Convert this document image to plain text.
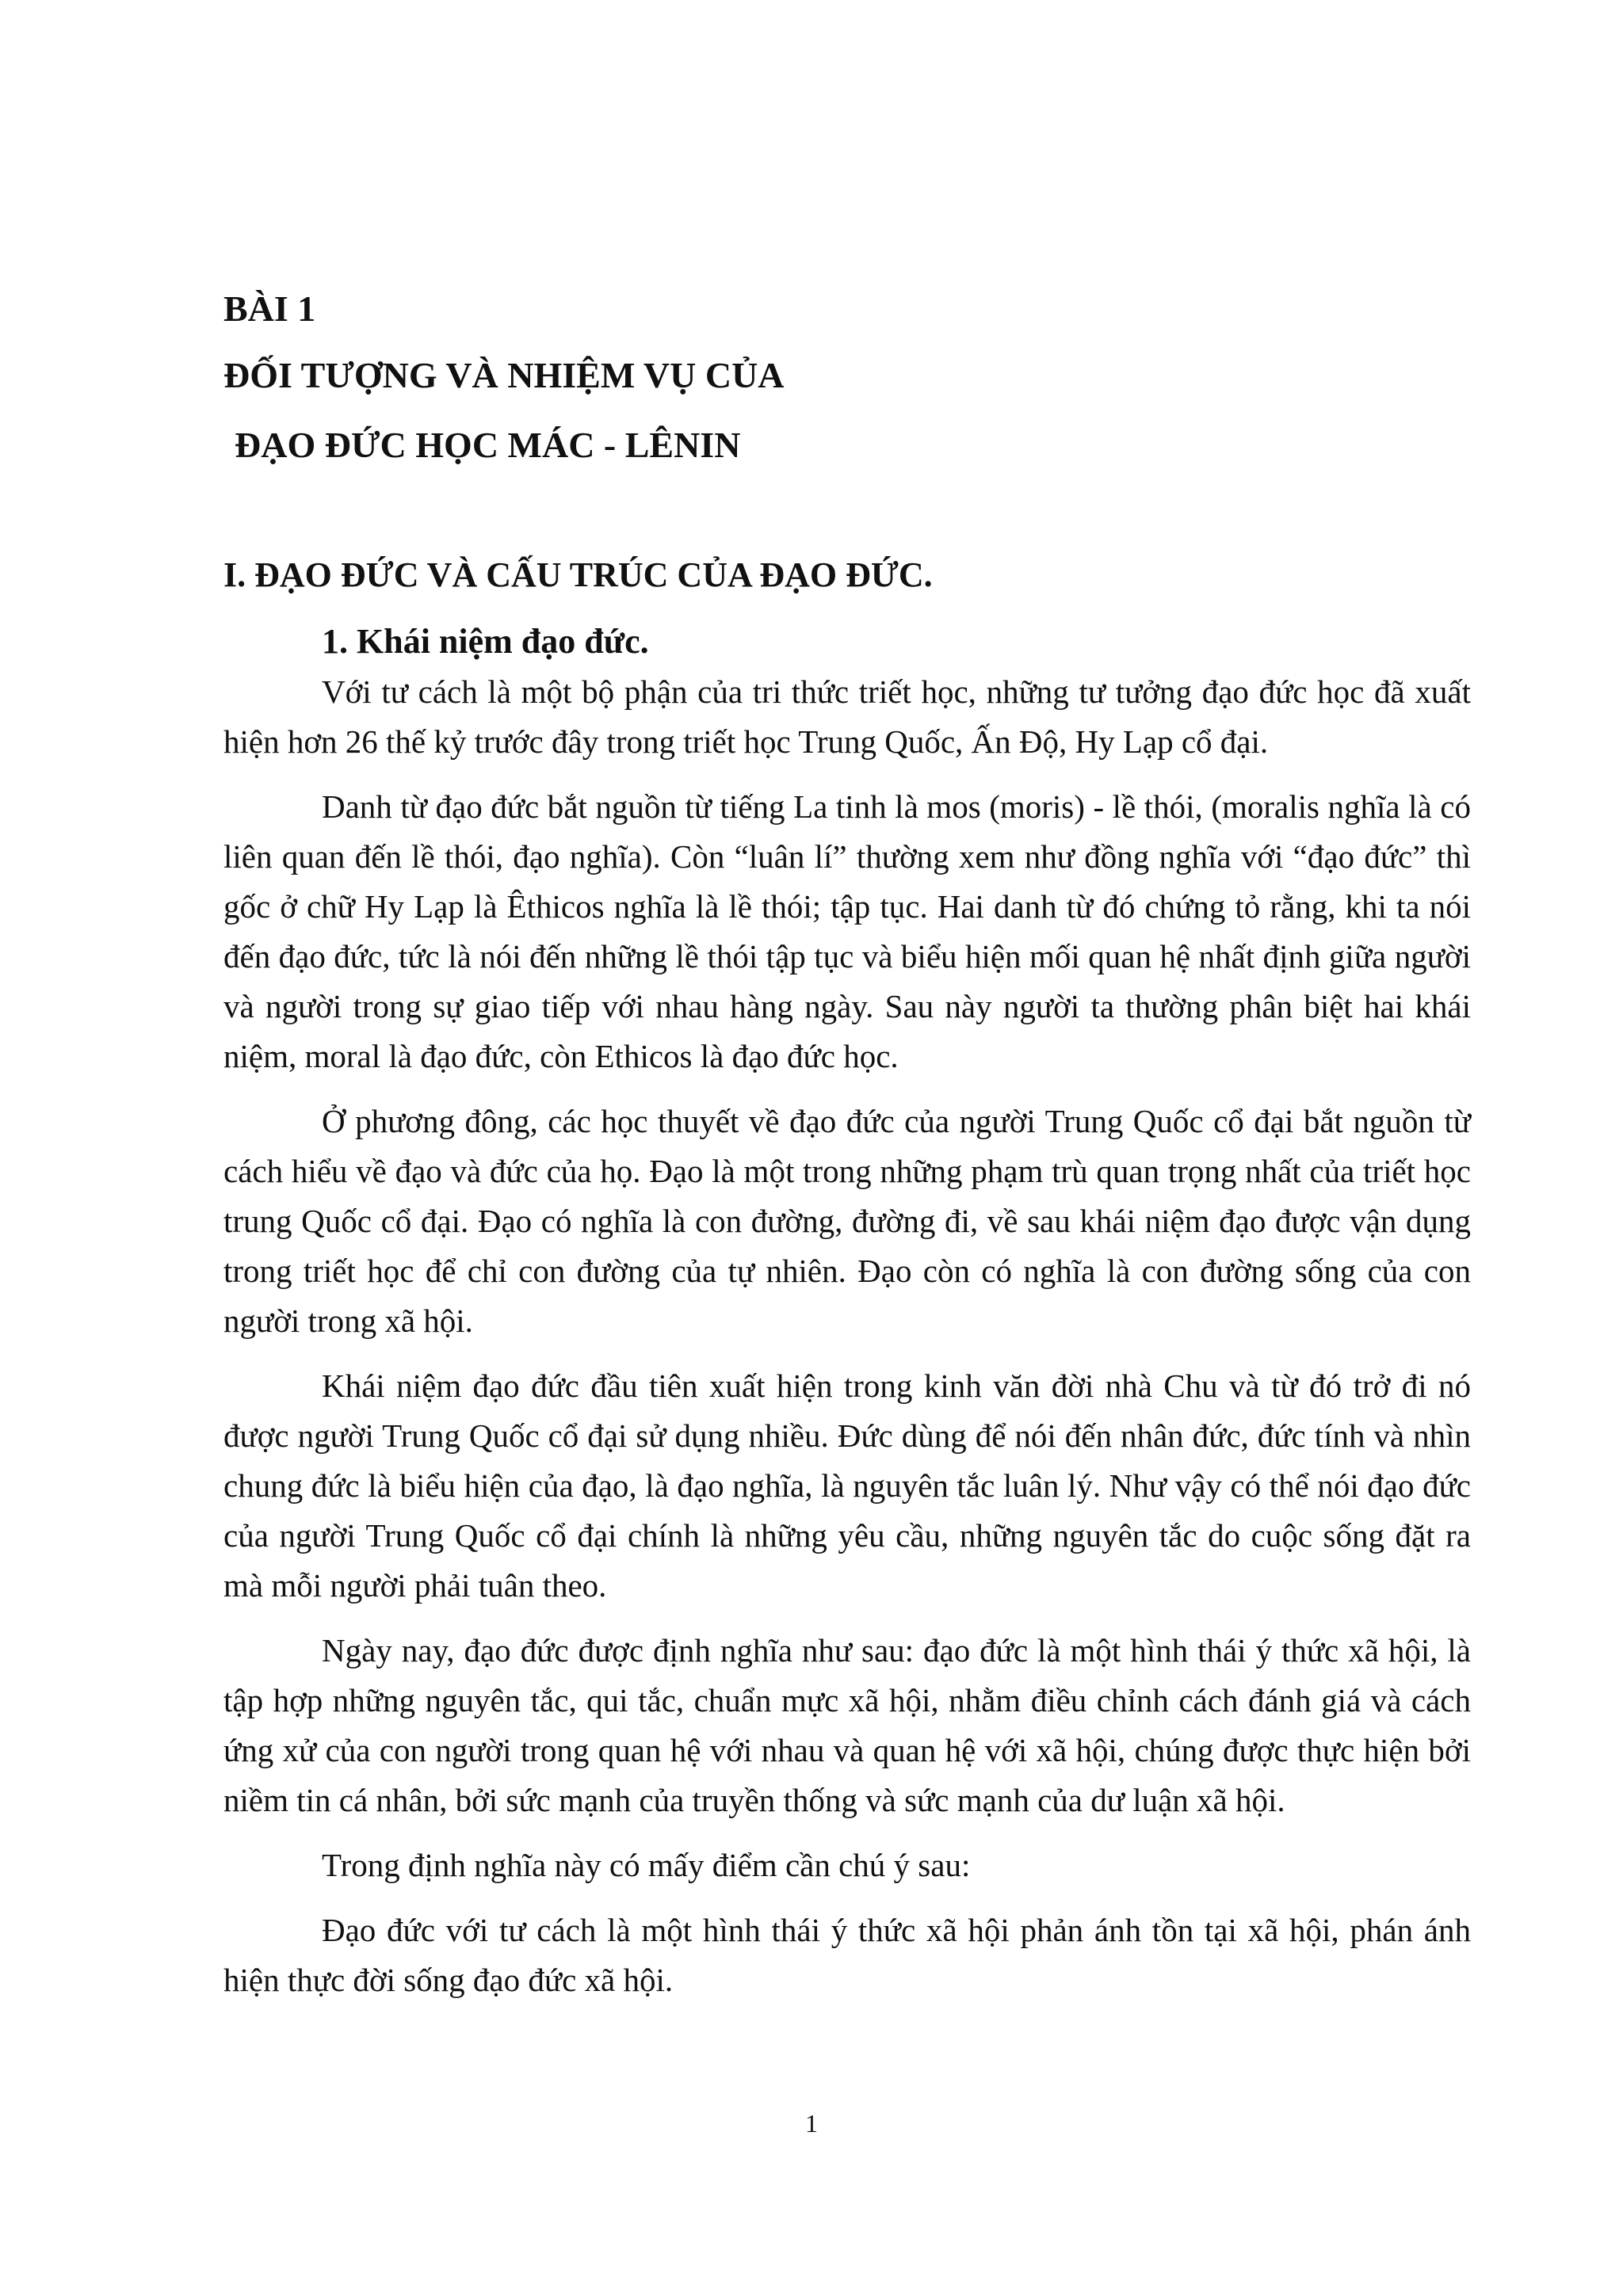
BÀI 1
ĐỐI TƯỢNG VÀ NHIỆM VỤ CỦA
ĐẠO ĐỨC HỌC MÁC - LÊNIN
I. ĐẠO ĐỨC VÀ CẤU TRÚC CỦA ĐẠO ĐỨC.
1. Khái niệm đạo đức.

Với tư cách là một bộ phận của tri thức triết học, những tư tưởng đạo đức học đã xuất hiện hơn 26 thế kỷ trước đây trong triết học Trung Quốc, Ấn Độ, Hy Lạp cổ đại.

Danh từ đạo đức bắt nguồn từ tiếng La tinh là mos (moris) - lề thói, (moralis nghĩa là có liên quan đến lề thói, đạo nghĩa). Còn “luân lí” thường xem như đồng nghĩa với “đạo đức” thì gốc ở chữ Hy Lạp là Êthicos nghĩa là lề thói; tập tục. Hai danh từ đó chứng tỏ rằng, khi ta nói đến đạo đức, tức là nói đến những lề thói tập tục và biểu hiện mối quan hệ nhất định giữa người và người trong sự giao tiếp với nhau hàng ngày. Sau này người ta thường phân biệt hai khái niệm, moral là đạo đức, còn Ethicos là đạo đức học.

Ở phương đông, các học thuyết về đạo đức của người Trung Quốc cổ đại bắt nguồn từ cách hiểu về đạo và đức của họ. Đạo là một trong những phạm trù quan trọng nhất của triết học trung Quốc cổ đại. Đạo có nghĩa là con đường, đường đi, về sau khái niệm đạo được vận dụng trong triết học để chỉ con đường của tự nhiên. Đạo còn có nghĩa là con đường sống của con người trong xã hội.

Khái niệm đạo đức đầu tiên xuất hiện trong kinh văn đời nhà Chu và từ đó trở đi nó được người Trung Quốc cổ đại sử dụng nhiều. Đức dùng để nói đến nhân đức, đức tính và nhìn chung đức là biểu hiện của đạo, là đạo nghĩa, là nguyên tắc luân lý. Như vậy có thể nói đạo đức của người Trung Quốc cổ đại chính là những yêu cầu, những nguyên tắc do cuộc sống đặt ra mà mỗi người phải tuân theo.

Ngày nay, đạo đức được định nghĩa như sau: đạo đức là một hình thái ý thức xã hội, là tập hợp những nguyên tắc, qui tắc, chuẩn mực xã hội, nhằm điều chỉnh cách đánh giá và cách ứng xử của con người trong quan hệ với nhau và quan hệ với xã hội, chúng được thực hiện bởi niềm tin cá nhân, bởi sức mạnh của truyền thống và sức mạnh của dư luận xã hội.

Trong định nghĩa này có mấy điểm cần chú ý sau:

Đạo đức với tư cách là một hình thái ý thức xã hội phản ánh tồn tại xã hội, phán ánh hiện thực đời sống đạo đức xã hội.

1
